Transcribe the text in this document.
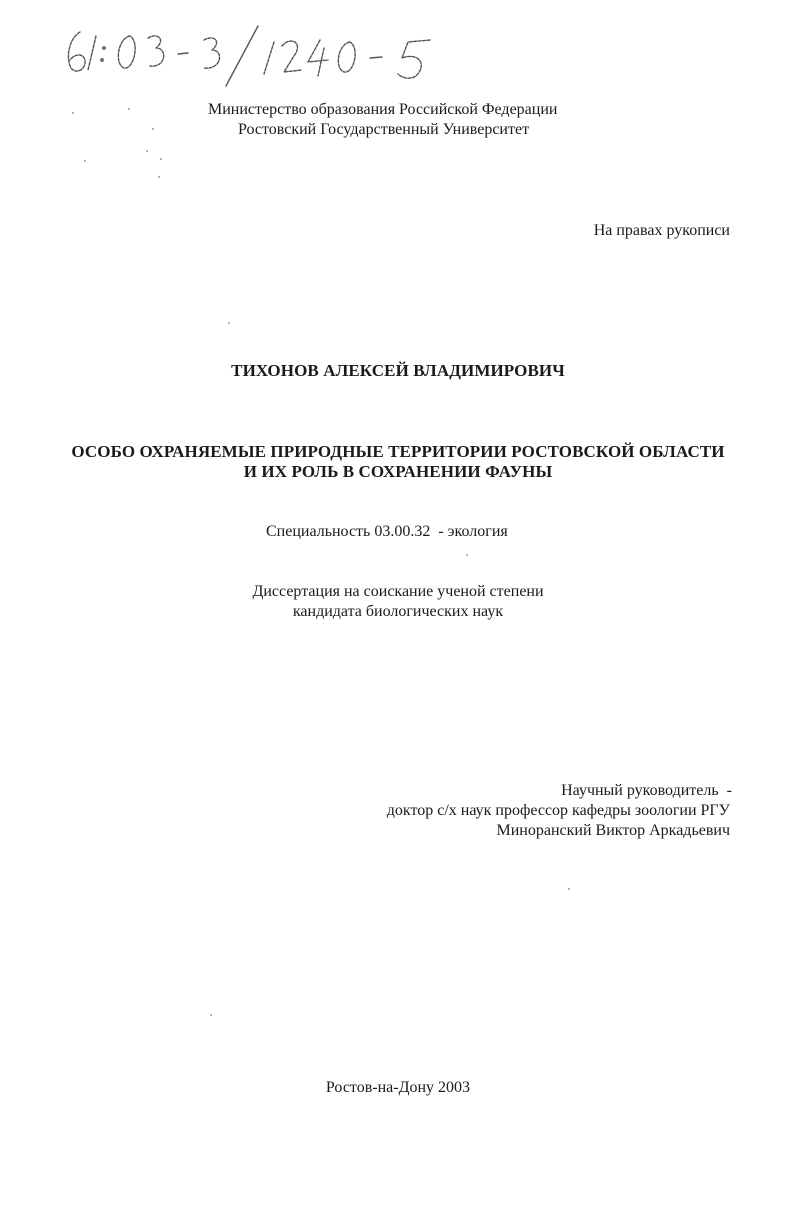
Министерство образования Российской Федерации
Ростовский Государственный Университет
На правах рукописи
ТИХОНОВ АЛЕКСЕЙ ВЛАДИМИРОВИЧ
ОСОБО ОХРАНЯЕМЫЕ ПРИРОДНЫЕ ТЕРРИТОРИИ РОСТОВСКОЙ ОБЛАСТИ
И ИХ РОЛЬ В СОХРАНЕНИИ ФАУНЫ
Специальность 03.00.32  - экология
Диссертация на соискание ученой степени
кандидата биологических наук
Научный руководитель  -
доктор с/х наук профессор кафедры зоологии РГУ
Миноранский Виктор Аркадьевич
Ростов-на-Дону 2003
